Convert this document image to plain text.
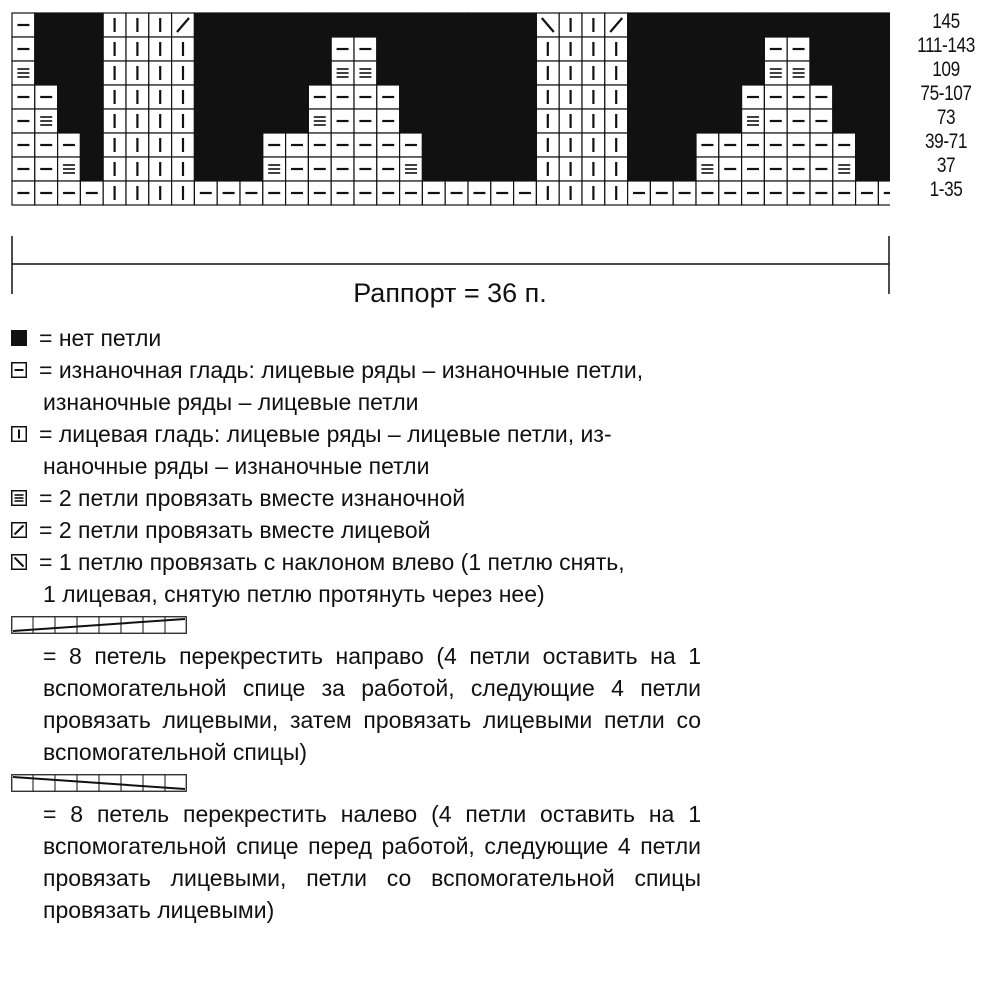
145
111-143
109
75-107
73
39-71
37
1-35
Раппорт = 36 п.
= нет петли
= изнаночная гладь: лицевые ряды – изнаночные петли,
изнаночные ряды – лицевые петли
= лицевая гладь: лицевые ряды – лицевые петли, из-
наночные ряды – изнаночные петли
= 2 петли провязать вместе изнаночной
= 2 петли провязать вместе лицевой
= 1 петлю провязать с наклоном влево (1 петлю снять,
1 лицевая, снятую петлю протянуть через нее)
= 8 петель перекрестить направо (4 петли оставить на 1 вспомогательной спице за работой, следующие 4 петли провязать лицевыми, затем провязать лицевыми петли со вспомогательной спицы)
= 8 петель перекрестить налево (4 петли оставить на 1 вспомогательной спице перед работой, следующие 4 петли провязать лицевыми, петли со вспомогательной спицы провязать лицевыми)
